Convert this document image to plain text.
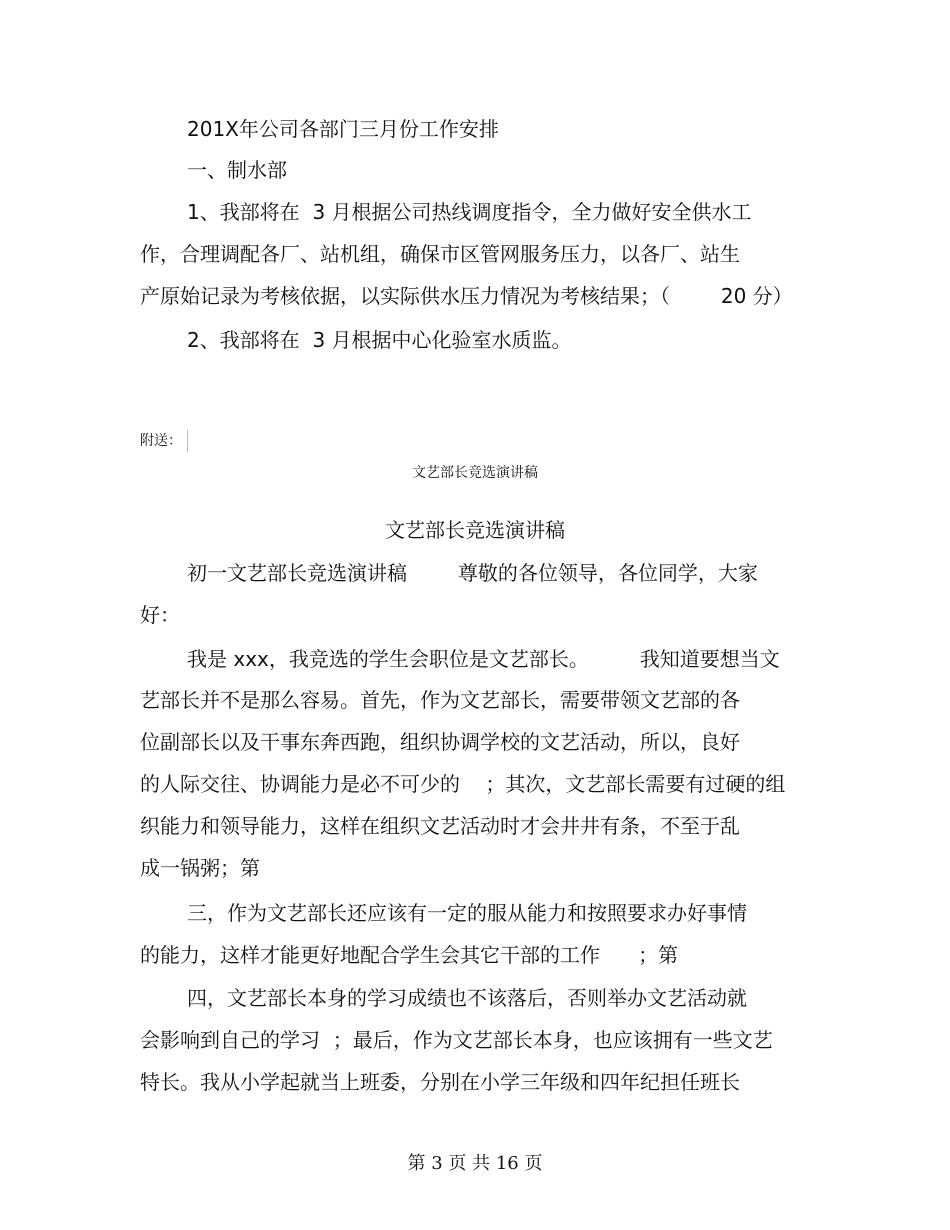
201X年公司各部门三月份工作安排
一、制水部
1、我部将在  3 月根据公司热线调度指令，全力做好安全供水工
作，合理调配各厂、站机组，确保市区管网服务压力，以各厂、站生
产原始记录为考核依据，以实际供水压力情况为考核结果；（        20 分）
2、我部将在  3 月根据中心化验室水质监。
附送：
文艺部长竞选演讲稿
文艺部长竞选演讲稿
初一文艺部长竞选演讲稿        尊敬的各位领导，各位同学，大家
好：
我是 xxx，我竞选的学生会职位是文艺部长。        我知道要想当文
艺部长并不是那么容易。首先，作为文艺部长，需要带领文艺部的各
位副部长以及干事东奔西跑，组织协调学校的文艺活动，所以，良好
的人际交往、协调能力是必不可少的    ；其次，文艺部长需要有过硬的组
织能力和领导能力，这样在组织文艺活动时才会井井有条，不至于乱
成一锅粥；第
三，作为文艺部长还应该有一定的服从能力和按照要求办好事情
的能力，这样才能更好地配合学生会其它干部的工作      ；第
四，文艺部长本身的学习成绩也不该落后，否则举办文艺活动就
会影响到自己的学习  ；最后，作为文艺部长本身，也应该拥有一些文艺
特长。我从小学起就当上班委，分别在小学三年级和四年纪担任班长
第 3 页 共 16 页
